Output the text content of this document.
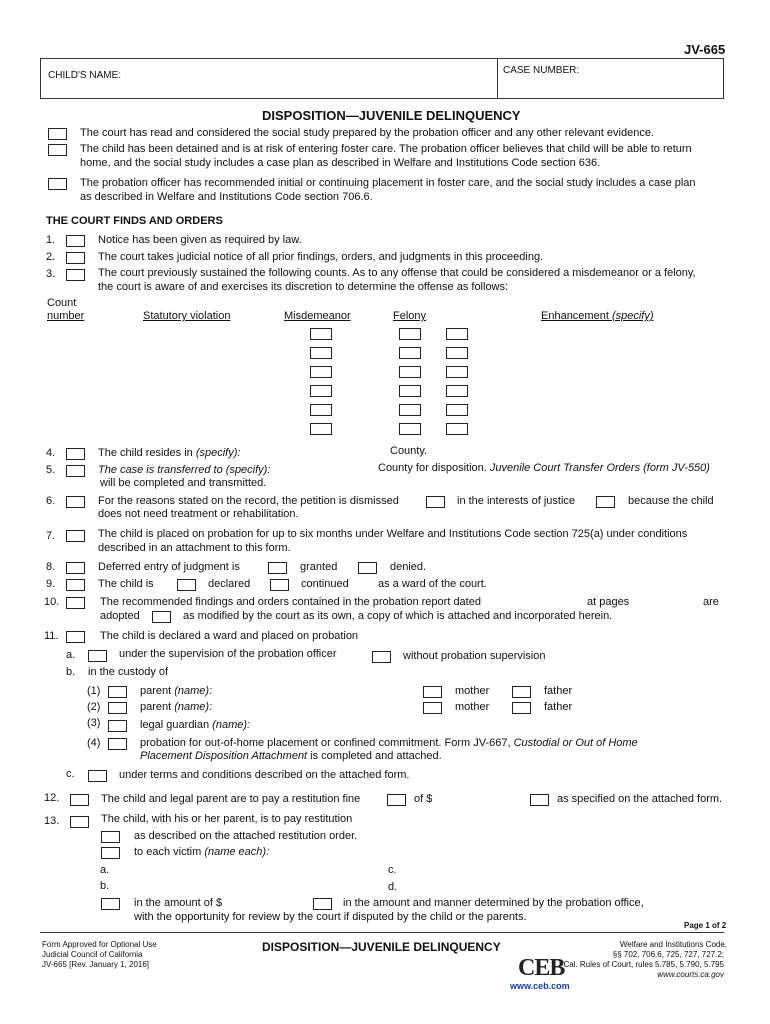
JV-665
CHILD'S NAME:	CASE NUMBER:
DISPOSITION—JUVENILE DELINQUENCY
The court has read and considered the social study prepared by the probation officer and any other relevant evidence.
The child has been detained and is at risk of entering foster care. The probation officer believes that child will be able to return
home, and the social study includes a case plan as described in Welfare and Institutions Code section 636.
The probation officer has recommended initial or continuing placement in foster care, and the social study includes a case plan
as described in Welfare and Institutions Code section 706.6.
THE COURT FINDS AND ORDERS
1.	Notice has been given as required by law.
2.	The court takes judicial notice of all prior findings, orders, and judgments in this proceeding.
3.	The court previously sustained the following counts. As to any offense that could be considered a misdemeanor or a felony,
the court is aware of and exercises its discretion to determine the offense as follows:
Count
number	Statutory violation	Misdemeanor	Felony	Enhancement (specify)
4.	The child resides in (specify):	County.
5.	The case is transferred to (specify):	County for disposition. Juvenile Court Transfer Orders (form JV-550)
will be completed and transmitted.
6.	For the reasons stated on the record, the petition is dismissed	in the interests of justice	because the child
does not need treatment or rehabilitation.
7.	The child is placed on probation for up to six months under Welfare and Institutions Code section 725(a) under conditions
described in an attachment to this form.
8.	Deferred entry of judgment is	granted	denied.
9.	The child is	declared	continued	as a ward of the court.
10.	The recommended findings and orders contained in the probation report dated	at pages	are
adopted	as modified by the court as its own, a copy of which is attached and incorporated herein.
11.	The child is declared a ward and placed on probation
a.	under the supervision of the probation officer	without probation supervision
b. in the custody of
(1)	parent (name):	mother	father
(2)	parent (name):	mother	father
(3)	legal guardian (name):
(4)	probation for out-of-home placement or confined commitment. Form JV-667, Custodial or Out of Home
Placement Disposition Attachment is completed and attached.
c.	under terms and conditions described on the attached form.
12.	The child and legal parent are to pay a restitution fine	of $	as specified on the attached form.
13.	The child, with his or her parent, is to pay restitution
as described on the attached restitution order.
to each victim (name each):
a.
b.
c.
d.
in the amount of $	in the amount and manner determined by the probation office,
with the opportunity for review by the court if disputed by the child or the parents.
Page 1 of 2
Form Approved for Optional Use
Judicial Council of California
JV-665 [Rev. January 1, 2016]
DISPOSITION—JUVENILE DELINQUENCY
CEB
www.ceb.com
Welfare and Institutions Code,
§§ 702, 706.6, 725, 727, 727.2;
Cal. Rules of Court, rules 5.785, 5.790, 5.795
www.courts.ca.gov
